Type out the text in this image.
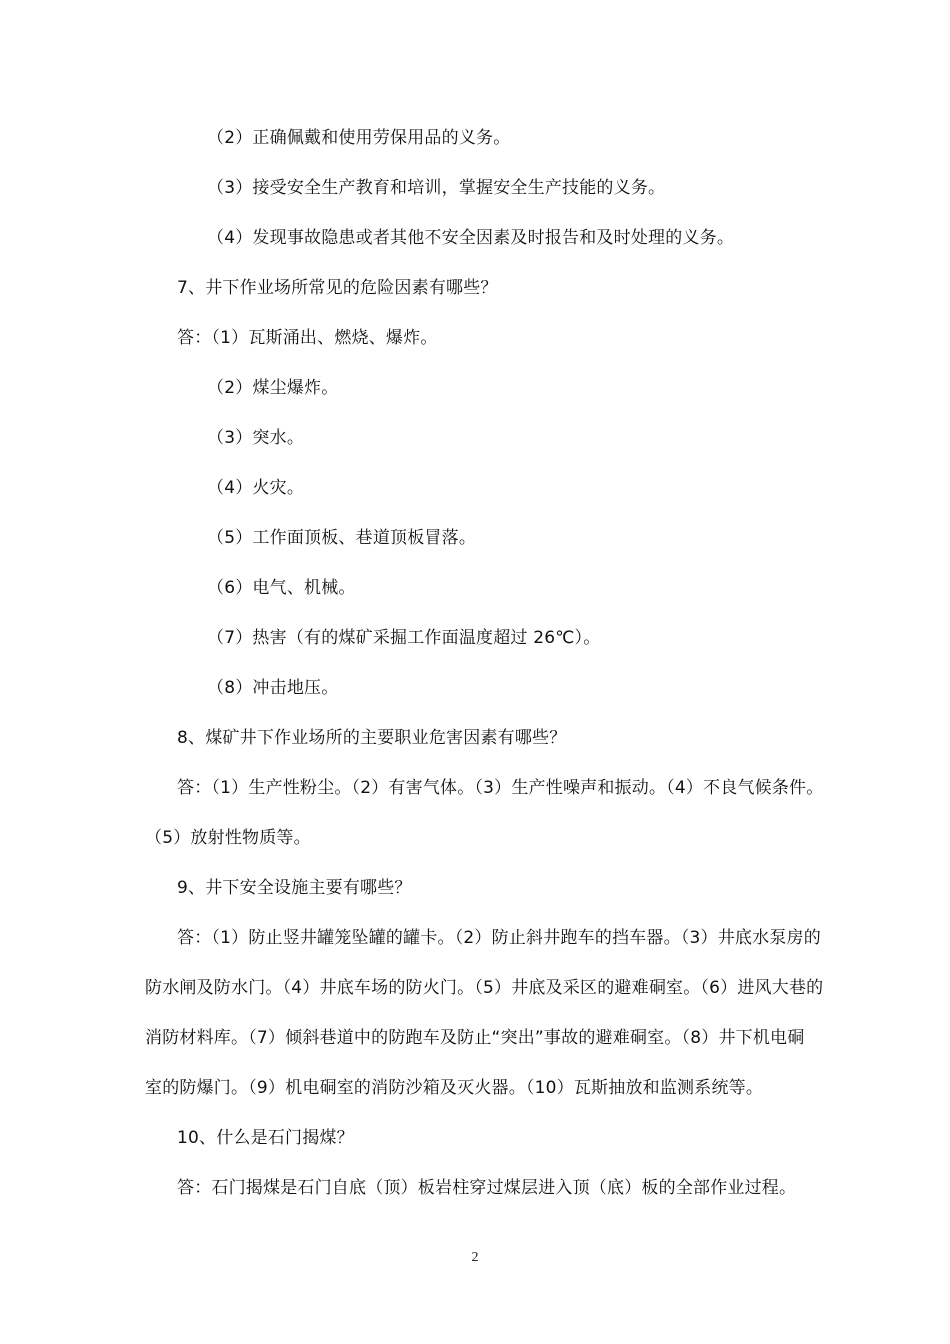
（2）正确佩戴和使用劳保用品的义务。
（3）接受安全生产教育和培训，掌握安全生产技能的义务。
（4）发现事故隐患或者其他不安全因素及时报告和及时处理的义务。
7、井下作业场所常见的危险因素有哪些？
答：（1）瓦斯涌出、燃烧、爆炸。
（2）煤尘爆炸。
（3）突水。
（4）火灾。
（5）工作面顶板、巷道顶板冒落。
（6）电气、机械。
（7）热害（有的煤矿采掘工作面温度超过 26℃）。
（8）冲击地压。
8、煤矿井下作业场所的主要职业危害因素有哪些？
答：（1）生产性粉尘。（2）有害气体。（3）生产性噪声和振动。（4）不良气候条件。
（5）放射性物质等。
9、井下安全设施主要有哪些？
答：（1）防止竖井罐笼坠罐的罐卡。（2）防止斜井跑车的挡车器。（3）井底水泵房的
防水闸及防水门。（4）井底车场的防火门。（5）井底及采区的避难硐室。（6）进风大巷的
消防材料库。（7）倾斜巷道中的防跑车及防止“突出”事故的避难硐室。（8）井下机电硐
室的防爆门。（9）机电硐室的消防沙箱及灭火器。（10）瓦斯抽放和监测系统等。
10、什么是石门揭煤？
答：石门揭煤是石门自底（顶）板岩柱穿过煤层进入顶（底）板的全部作业过程。
2
